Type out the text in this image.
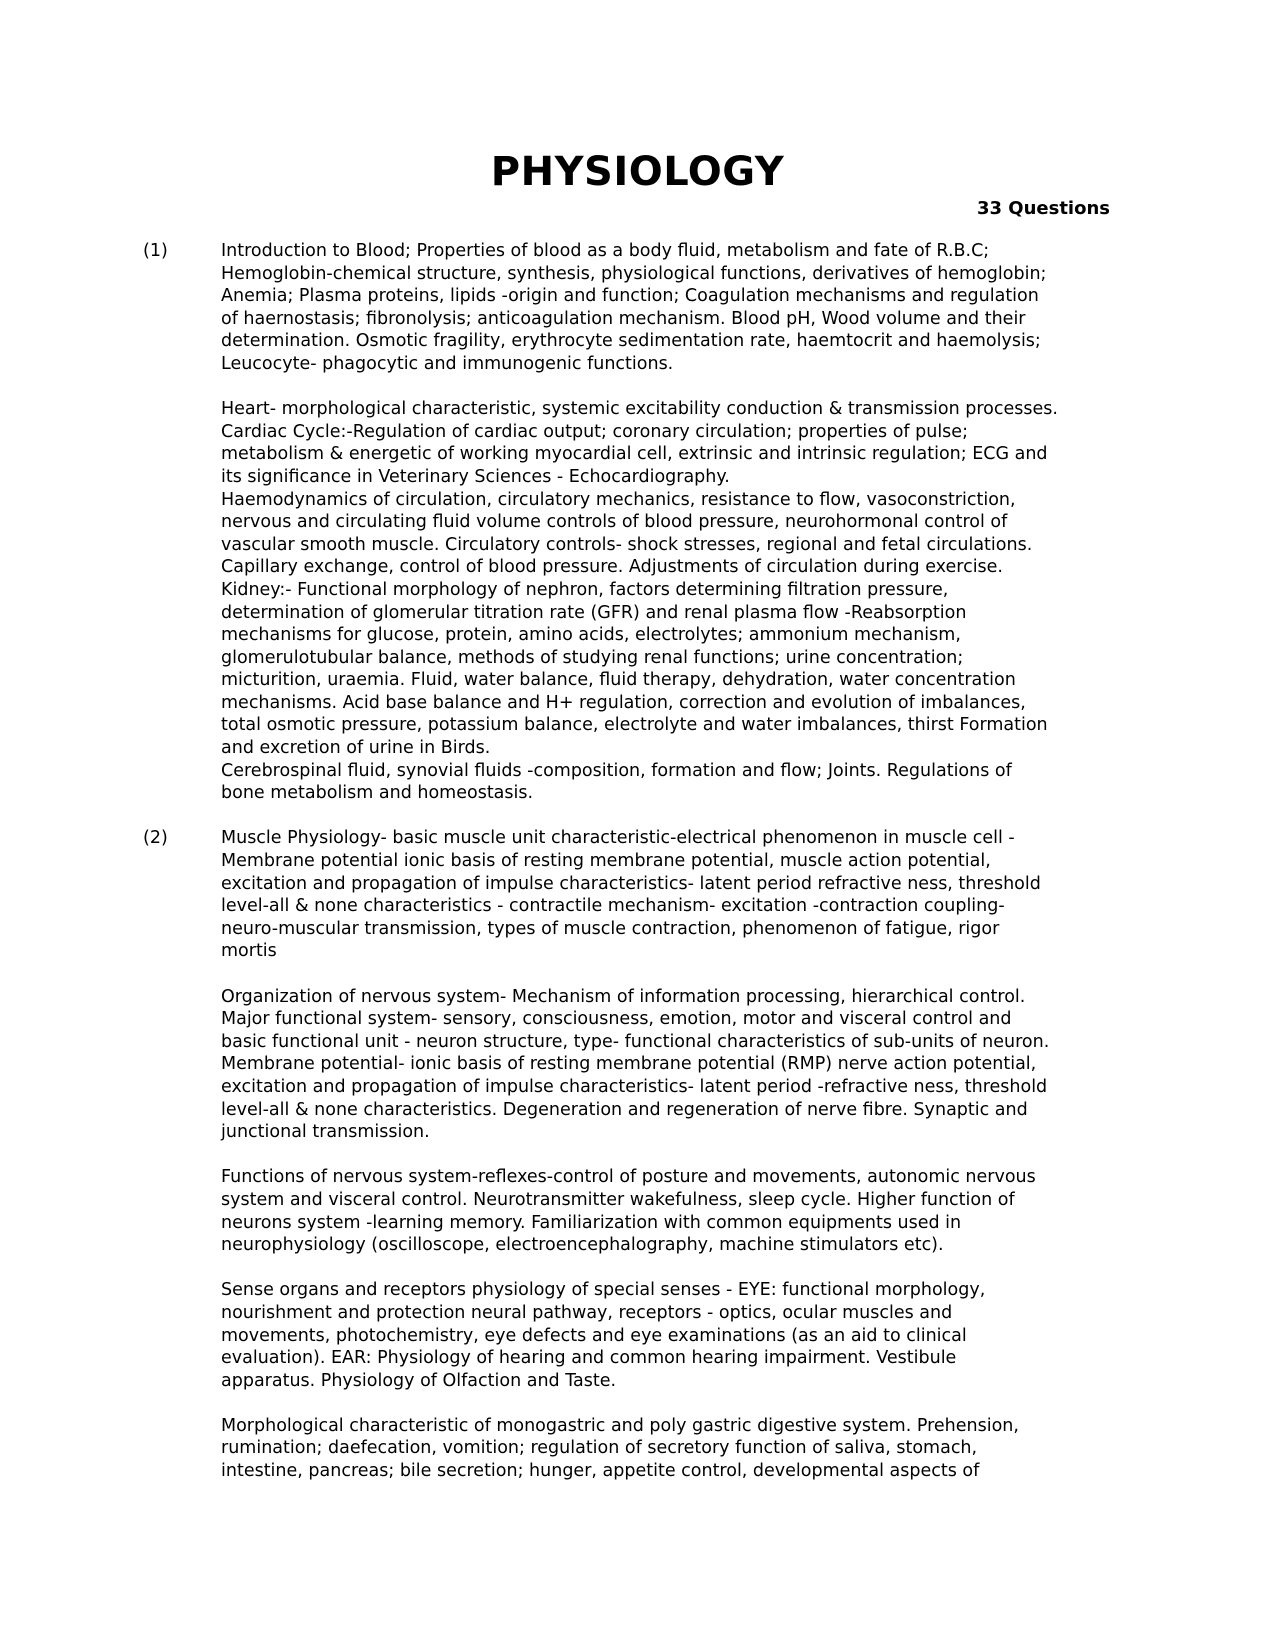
PHYSIOLOGY
33 Questions
(1)	Introduction to Blood; Properties of blood as a body fluid, metabolism and fate of R.B.C;
Hemoglobin-chemical structure, synthesis, physiological functions, derivatives of hemoglobin;
Anemia; Plasma proteins, lipids -origin and function; Coagulation mechanisms and regulation
of haernostasis; fibronolysis; anticoagulation mechanism. Blood pH, Wood volume and their
determination. Osmotic fragility, erythrocyte sedimentation rate, haemtocrit and haemolysis;
Leucocyte- phagocytic and immunogenic functions.

Heart- morphological characteristic, systemic excitability conduction & transmission processes.
Cardiac Cycle:-Regulation of cardiac output; coronary circulation; properties of pulse;
metabolism & energetic of working myocardial cell, extrinsic and intrinsic regulation; ECG and
its significance in Veterinary Sciences - Echocardiography.
Haemodynamics of circulation, circulatory mechanics, resistance to flow, vasoconstriction,
nervous and circulating fluid volume controls of blood pressure, neurohormonal control of
vascular smooth muscle. Circulatory controls- shock stresses, regional and fetal circulations.
Capillary exchange, control of blood pressure. Adjustments of circulation during exercise.
Kidney:- Functional morphology of nephron, factors determining filtration pressure,
determination of glomerular titration rate (GFR) and renal plasma flow -Reabsorption
mechanisms for glucose, protein, amino acids, electrolytes; ammonium mechanism,
glomerulotubular balance, methods of studying renal functions; urine concentration;
micturition, uraemia. Fluid, water balance, fluid therapy, dehydration, water concentration
mechanisms. Acid base balance and H+ regulation, correction and evolution of imbalances,
total osmotic pressure, potassium balance, electrolyte and water imbalances, thirst Formation
and excretion of urine in Birds.
Cerebrospinal fluid, synovial fluids -composition, formation and flow; Joints. Regulations of
bone metabolism and homeostasis.

(2)	Muscle Physiology- basic muscle unit characteristic-electrical phenomenon in muscle cell -
Membrane potential ionic basis of resting membrane potential, muscle action potential,
excitation and propagation of impulse characteristics- latent period refractive ness, threshold
level-all & none characteristics - contractile mechanism- excitation -contraction coupling-
neuro-muscular transmission, types of muscle contraction, phenomenon of fatigue, rigor
mortis

Organization of nervous system- Mechanism of information processing, hierarchical control.
Major functional system- sensory, consciousness, emotion, motor and visceral control and
basic functional unit - neuron structure, type- functional characteristics of sub-units of neuron.
Membrane potential- ionic basis of resting membrane potential (RMP) nerve action potential,
excitation and propagation of impulse characteristics- latent period -refractive ness, threshold
level-all & none characteristics. Degeneration and regeneration of nerve fibre. Synaptic and
junctional transmission.

Functions of nervous system-reflexes-control of posture and movements, autonomic nervous
system and visceral control. Neurotransmitter wakefulness, sleep cycle. Higher function of
neurons system -learning memory. Familiarization with common equipments used in
neurophysiology (oscilloscope, electroencephalography, machine stimulators etc).

Sense organs and receptors physiology of special senses - EYE: functional morphology,
nourishment and protection neural pathway, receptors - optics, ocular muscles and
movements, photochemistry, eye defects and eye examinations (as an aid to clinical
evaluation). EAR: Physiology of hearing and common hearing impairment. Vestibule
apparatus. Physiology of Olfaction and Taste.

Morphological characteristic of monogastric and poly gastric digestive system. Prehension,
rumination; daefecation, vomition; regulation of secretory function of saliva, stomach,
intestine, pancreas; bile secretion; hunger, appetite control, developmental aspects of
